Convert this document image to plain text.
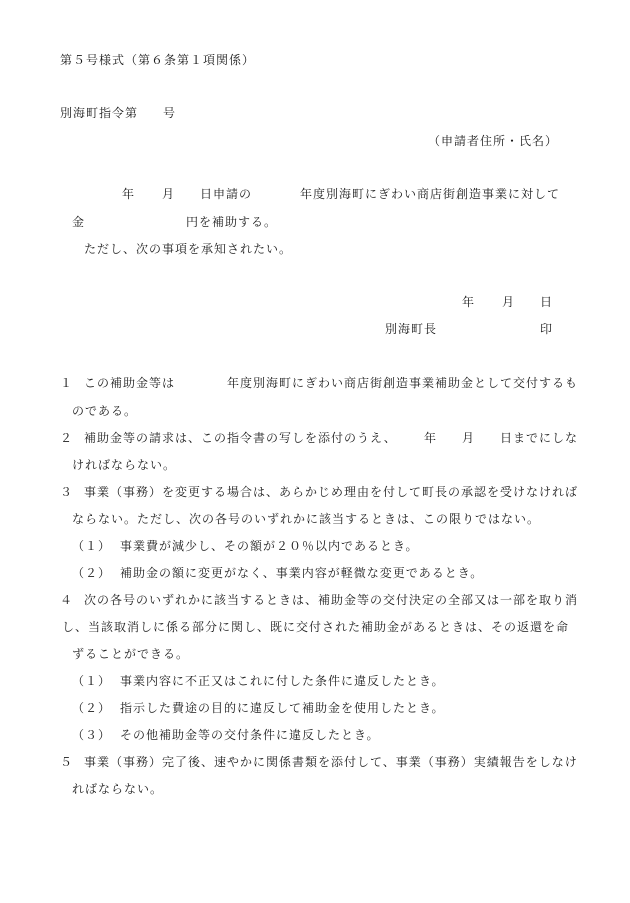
第５号様式（第６条第１項関係）
別海町指令第 号
（申請者住所・氏名）
年 月 日申請の	年度別海町にぎわい商店街創造事業に対して
金	円を補助する。
ただし、次の事項を承知されたい。
年 月 日
別海町長	印
１ この補助金等は	年度別海町にぎわい商店街創造事業補助金として交付するも
のである。
２ 補助金等の請求は、この指令書の写しを添付のうえ、 年 月 日までにしな
ければならない。
３ 事業（事務）を変更する場合は、あらかじめ理由を付して町長の承認を受けなければ
ならない。ただし、次の各号のいずれかに該当するときは、この限りではない。
（１） 事業費が減少し、その額が２０％以内であるとき。
（２） 補助金の額に変更がなく、事業内容が軽微な変更であるとき。
４ 次の各号のいずれかに該当するときは、補助金等の交付決定の全部又は一部を取り消
し、当該取消しに係る部分に関し、既に交付された補助金があるときは、その返還を命
ずることができる。
（１） 事業内容に不正又はこれに付した条件に違反したとき。
（２） 指示した費途の目的に違反して補助金を使用したとき。
（３） その他補助金等の交付条件に違反したとき。
５ 事業（事務）完了後、速やかに関係書類を添付して、事業（事務）実績報告をしなけ
ればならない。
